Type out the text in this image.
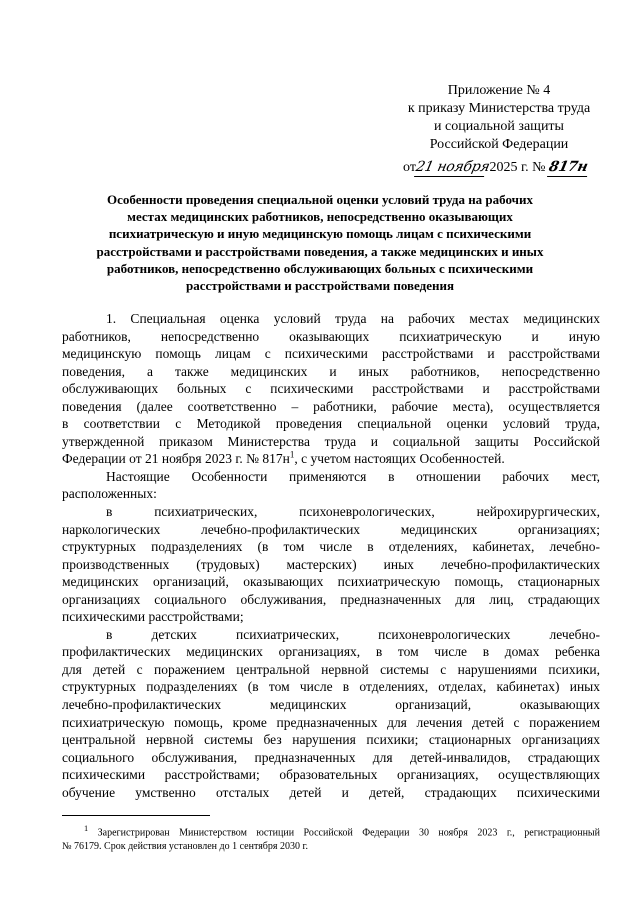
Приложение № 4
к приказу Министерства труда
и социальной защиты
Российской Федерации
от21 ноября 2025 г. № 817н
Особенности проведения специальной оценки условий труда на рабочих
местах медицинских работников, непосредственно оказывающих
психиатрическую и иную медицинскую помощь лицам с психическими
расстройствами и расстройствами поведения, а также медицинских и иных
работников, непосредственно обслуживающих больных с психическими
расстройствами и расстройствами поведения
1. Специальная оценка условий труда на рабочих местах медицинских
работников, непосредственно оказывающих психиатрическую и иную
медицинскую помощь лицам с психическими расстройствами и расстройствами
поведения, а также медицинских и иных работников, непосредственно
обслуживающих больных с психическими расстройствами и расстройствами
поведения (далее соответственно – работники, рабочие места), осуществляется
в соответствии с Методикой проведения специальной оценки условий труда,
утвержденной приказом Министерства труда и социальной защиты Российской
Федерации от 21 ноября 2023 г. № $817н^1$, с учетом настоящих Особенностей.
Настоящие Особенности применяются в отношении рабочих мест,
расположенных:
в психиатрических, психоневрологических, нейрохирургических,
наркологических лечебно-профилактических медицинских организациях;
структурных подразделениях (в том числе в отделениях, кабинетах, лечебно-
производственных (трудовых) мастерских) иных лечебно-профилактических
медицинских организаций, оказывающих психиатрическую помощь, стационарных
организациях социального обслуживания, предназначенных для лиц, страдающих
психическими расстройствами;
в детских психиатрических, психоневрологических лечебно-
профилактических медицинских организациях, в том числе в домах ребенка
для детей с поражением центральной нервной системы с нарушениями психики,
структурных подразделениях (в том числе в отделениях, отделах, кабинетах) иных
лечебно-профилактических медицинских организаций, оказывающих
психиатрическую помощь, кроме предназначенных для лечения детей с поражением
центральной нервной системы без нарушения психики; стационарных организациях
социального обслуживания, предназначенных для детей-инвалидов, страдающих
психическими расстройствами; образовательных организациях, осуществляющих
обучение умственно отсталых детей и детей, страдающих психическими
$^1$ Зарегистрирован Министерством юстиции Российской Федерации 30 ноября 2023 г., регистрационный
№ 76179. Срок действия установлен до 1 сентября 2030 г.
